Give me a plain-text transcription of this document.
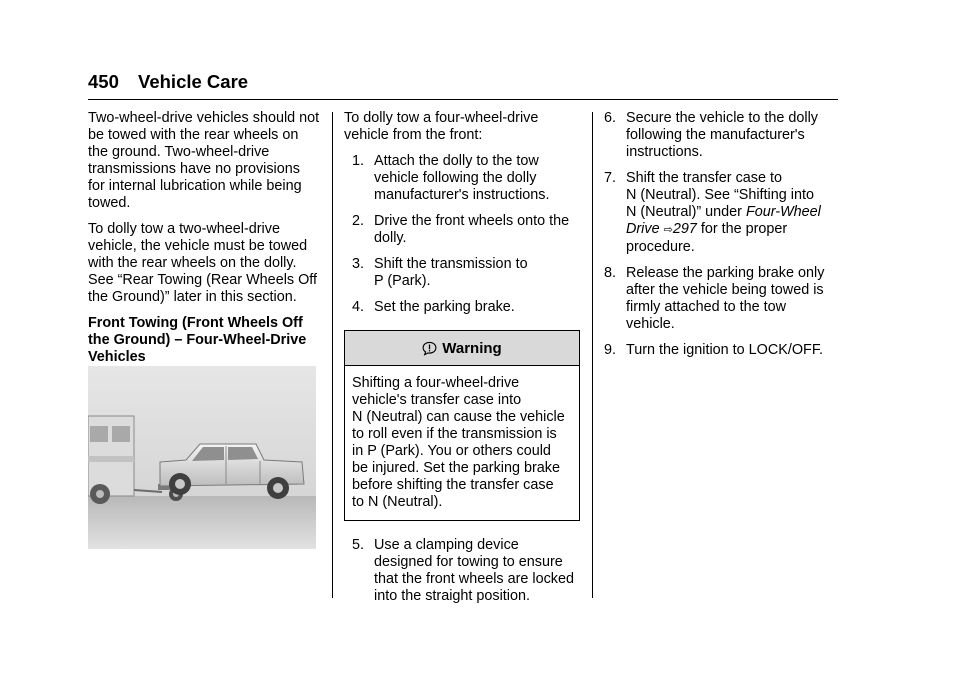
450 Vehicle Care

Two-wheel-drive vehicles should not
be towed with the rear wheels on
the ground. Two-wheel-drive
transmissions have no provisions
for internal lubrication while being
towed.

To dolly tow a two-wheel-drive
vehicle, the vehicle must be towed
with the rear wheels on the dolly.
See “Rear Towing (Rear Wheels Off
the Ground)” later in this section.

Front Towing (Front Wheels Off
the Ground) – Four-Wheel-Drive
Vehicles

To dolly tow a four-wheel-drive
vehicle from the front:

1. Attach the dolly to the tow
vehicle following the dolly
manufacturer's instructions.
2. Drive the front wheels onto the
dolly.
3. Shift the transmission to
P (Park).
4. Set the parking brake.
Warning
Shifting a four-wheel-drive
vehicle's transfer case into
N (Neutral) can cause the vehicle
to roll even if the transmission is
in P (Park). You or others could
be injured. Set the parking brake
before shifting the transfer case
to N (Neutral).
5. Use a clamping device
designed for towing to ensure
that the front wheels are locked
into the straight position.
6. Secure the vehicle to the dolly
following the manufacturer's
instructions.
7. Shift the transfer case to
N (Neutral). See “Shifting into
N (Neutral)” under Four-Wheel
Drive ⇨297 for the proper
procedure.
8. Release the parking brake only
after the vehicle being towed is
firmly attached to the tow
vehicle.
9. Turn the ignition to LOCK/OFF.
